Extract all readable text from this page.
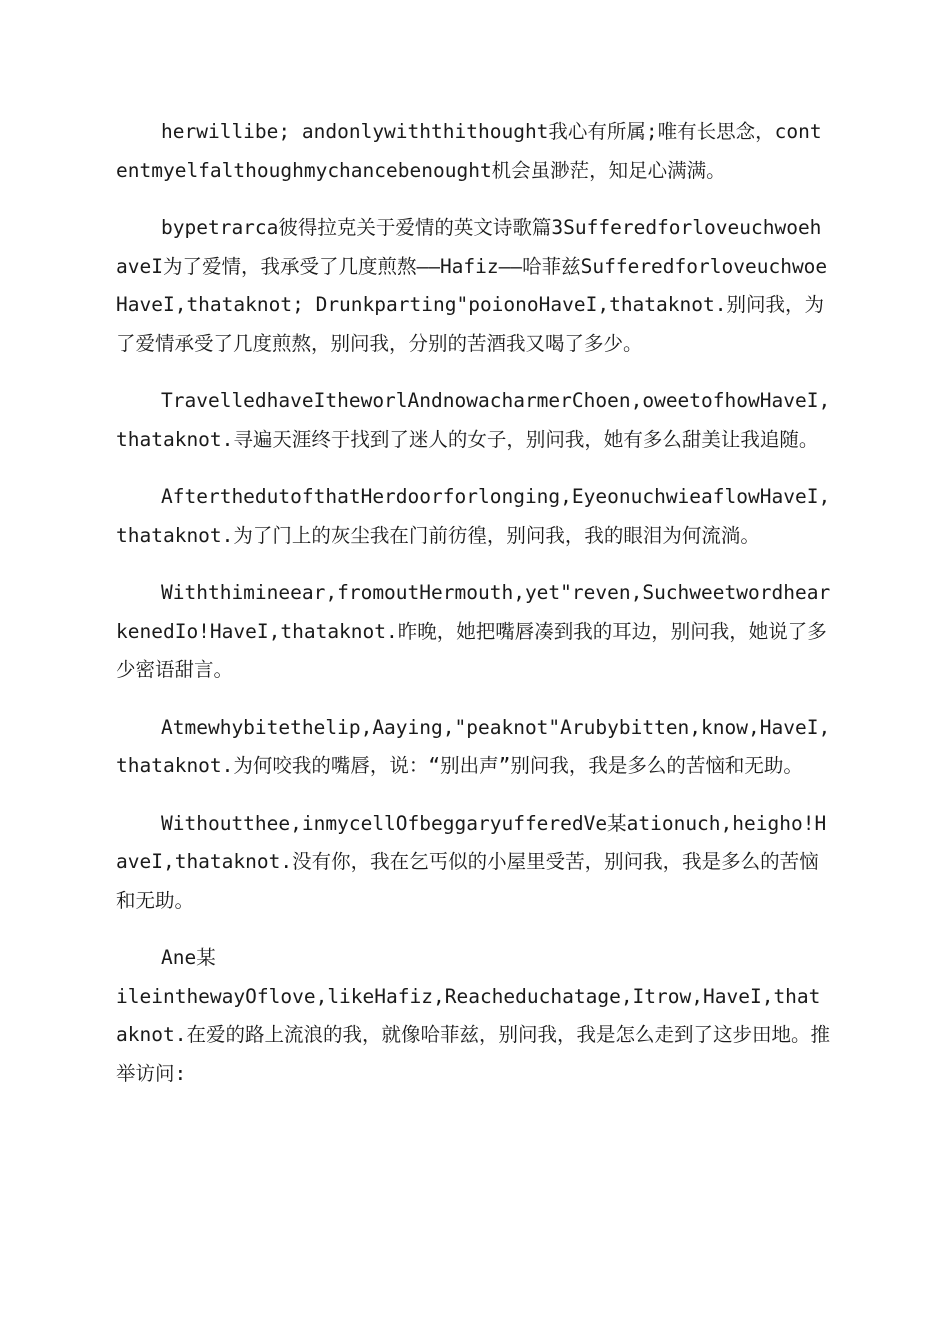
herwillibe; andonlywiththithought我心有所属;唯有长思念，contentmyelfalthoughmychancebenought机会虽渺茫，知足心满满。

bypetrarca彼得拉克关于爱情的英文诗歌篇3SufferedforloveuchwoehaveI为了爱情，我承受了几度煎熬——Hafiz——哈菲兹SufferedforloveuchwoeHaveI,thataknot; Drunkparting"poionoHaveI,thataknot.别问我，为了爱情承受了几度煎熬，别问我，分别的苦酒我又喝了多少。

TravelledhaveItheworlAndnowacharmerChoen,oweetofhowHaveI,thataknot.寻遍天涯终于找到了迷人的女子，别问我，她有多么甜美让我追随。

AfterthedutofthatHerdoorforlonging,EyeonuchwieaflowHaveI,thataknot.为了门上的灰尘我在门前彷徨，别问我，我的眼泪为何流淌。

Withthimineear,fromoutHermouth,yet"reven,SuchweetwordhearkenedIo!HaveI,thataknot.昨晚，她把嘴唇凑到我的耳边，别问我，她说了多少密语甜言。

Atmewhybitethelip,Aaying,"peaknot"Arubybitten,know,HaveI,thataknot.为何咬我的嘴唇，说：“别出声”别问我，我是多么的苦恼和无助。

Withoutthee,inmycellOfbeggaryufferedVe某ationuch,heigho!HaveI,thataknot.没有你，我在乞丐似的小屋里受苦，别问我，我是多么的苦恼和无助。

Ane某

ileinthewayOflove,likeHafiz,Reacheduchatage,Itrow,HaveI,thataknot.在爱的路上流浪的我，就像哈菲兹，别问我，我是怎么走到了这步田地。推举访问:
